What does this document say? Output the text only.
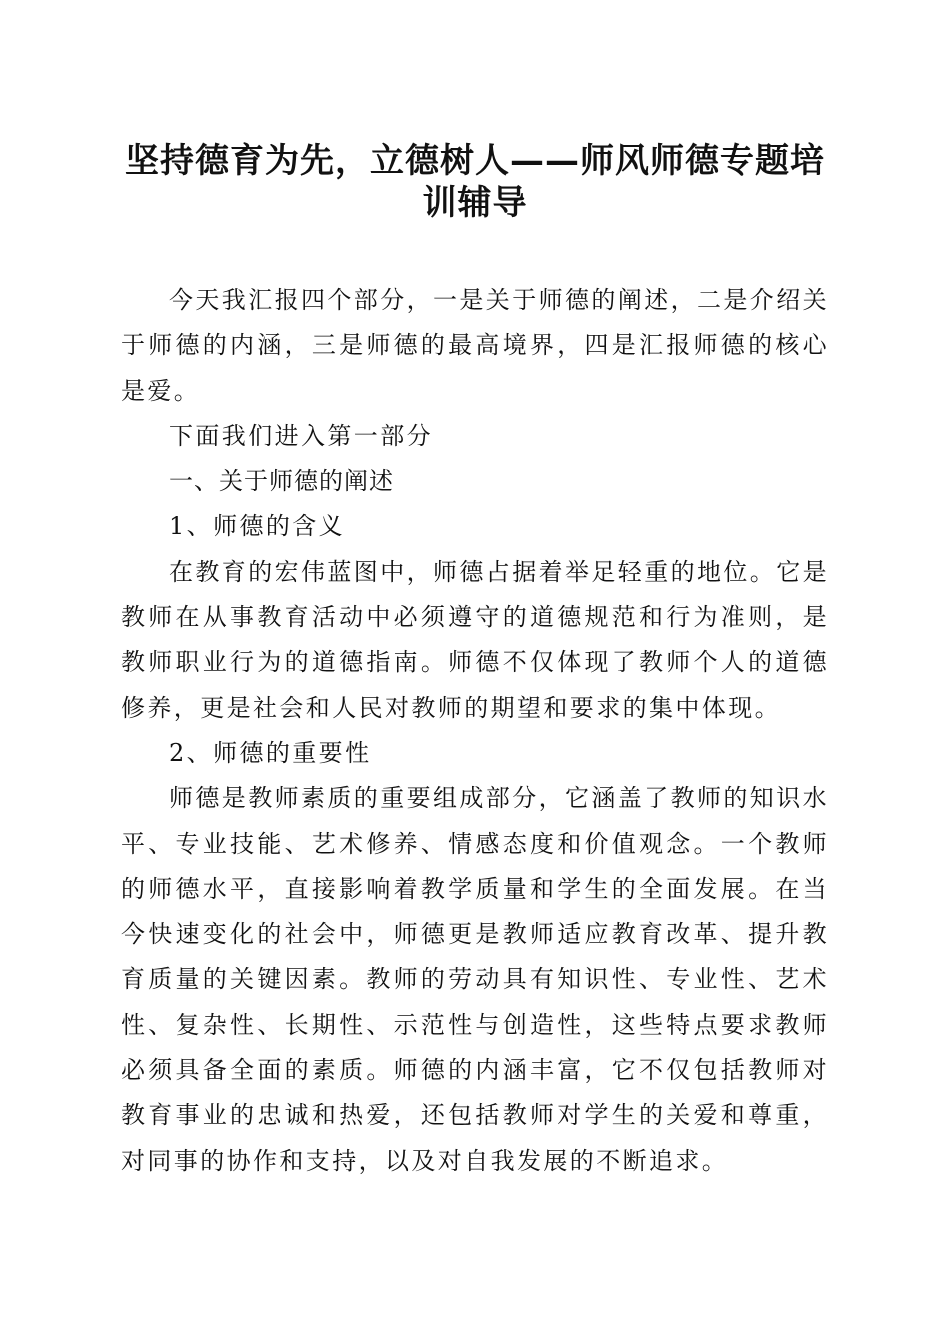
坚持德育为先，立德树人——师风师德专题培
训辅导

今天我汇报四个部分，一是关于师德的阐述，二是介绍关于师德的内涵，三是师德的最高境界，四是汇报师德的核心是爱。

下面我们进入第一部分

一、关于师德的阐述

1、师德的含义

在教育的宏伟蓝图中，师德占据着举足轻重的地位。它是教师在从事教育活动中必须遵守的道德规范和行为准则，是教师职业行为的道德指南。师德不仅体现了教师个人的道德修养，更是社会和人民对教师的期望和要求的集中体现。

2、师德的重要性

师德是教师素质的重要组成部分，它涵盖了教师的知识水平、专业技能、艺术修养、情感态度和价值观念。一个教师的师德水平，直接影响着教学质量和学生的全面发展。在当今快速变化的社会中，师德更是教师适应教育改革、提升教育质量的关键因素。教师的劳动具有知识性、专业性、艺术性、复杂性、长期性、示范性与创造性，这些特点要求教师必须具备全面的素质。师德的内涵丰富，它不仅包括教师对教育事业的忠诚和热爱，还包括教师对学生的关爱和尊重，对同事的协作和支持，以及对自我发展的不断追求。
